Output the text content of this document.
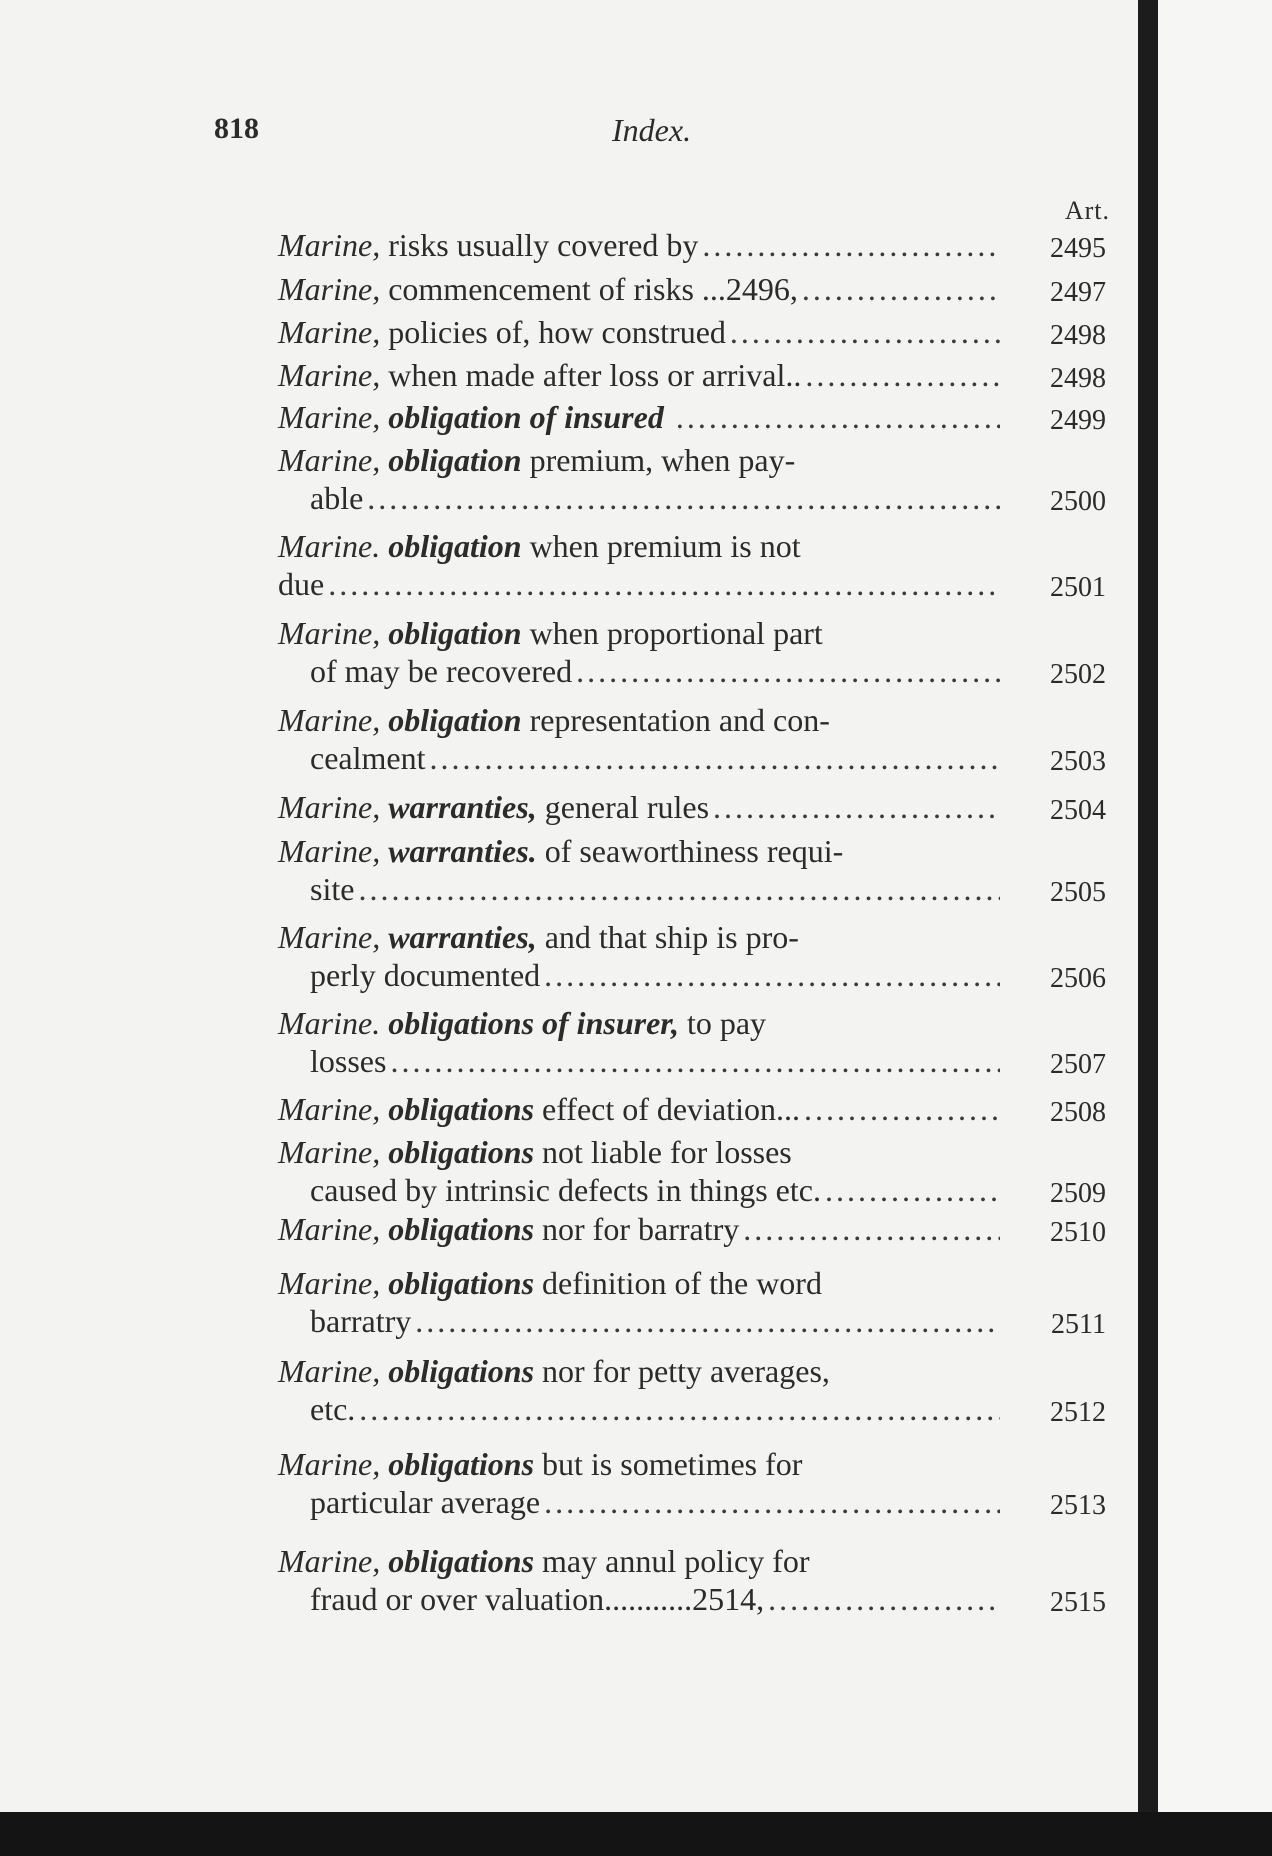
818	Index.
Art.
Marine, risks usually covered by .....	2495
Marine, commencement of risks ...2496, .....	2497
Marine, policies of, how construed .....	2498
Marine, when made after loss or arrival.. .....	2498
Marine, obligation of insured .....	2499
Marine, obligation premium, when pay-
able .....	2500
Marine. obligation when premium is not
due .....	2501
Marine, obligation when proportional part
of may be recovered .....	2502
Marine, obligation representation and con-
cealment .....	2503
Marine, warranties, general rules .....	2504
Marine, warranties. of seaworthiness requi-
site .....	2505
Marine, warranties, and that ship is pro-
perly documented .....	2506
Marine. obligations of insurer, to pay
losses .....	2507
Marine, obligations effect of deviation... .....	2508
Marine, obligations not liable for losses
caused by intrinsic defects in things etc. .....	2509
Marine, obligations nor for barratry .....	2510
Marine, obligations definition of the word
barratry .....	2511
Marine, obligations nor for petty averages,
etc. .....	2512
Marine, obligations but is sometimes for
particular average .....	2513
Marine, obligations may annul policy for
fraud or over valuation...........2514, .....	2515
